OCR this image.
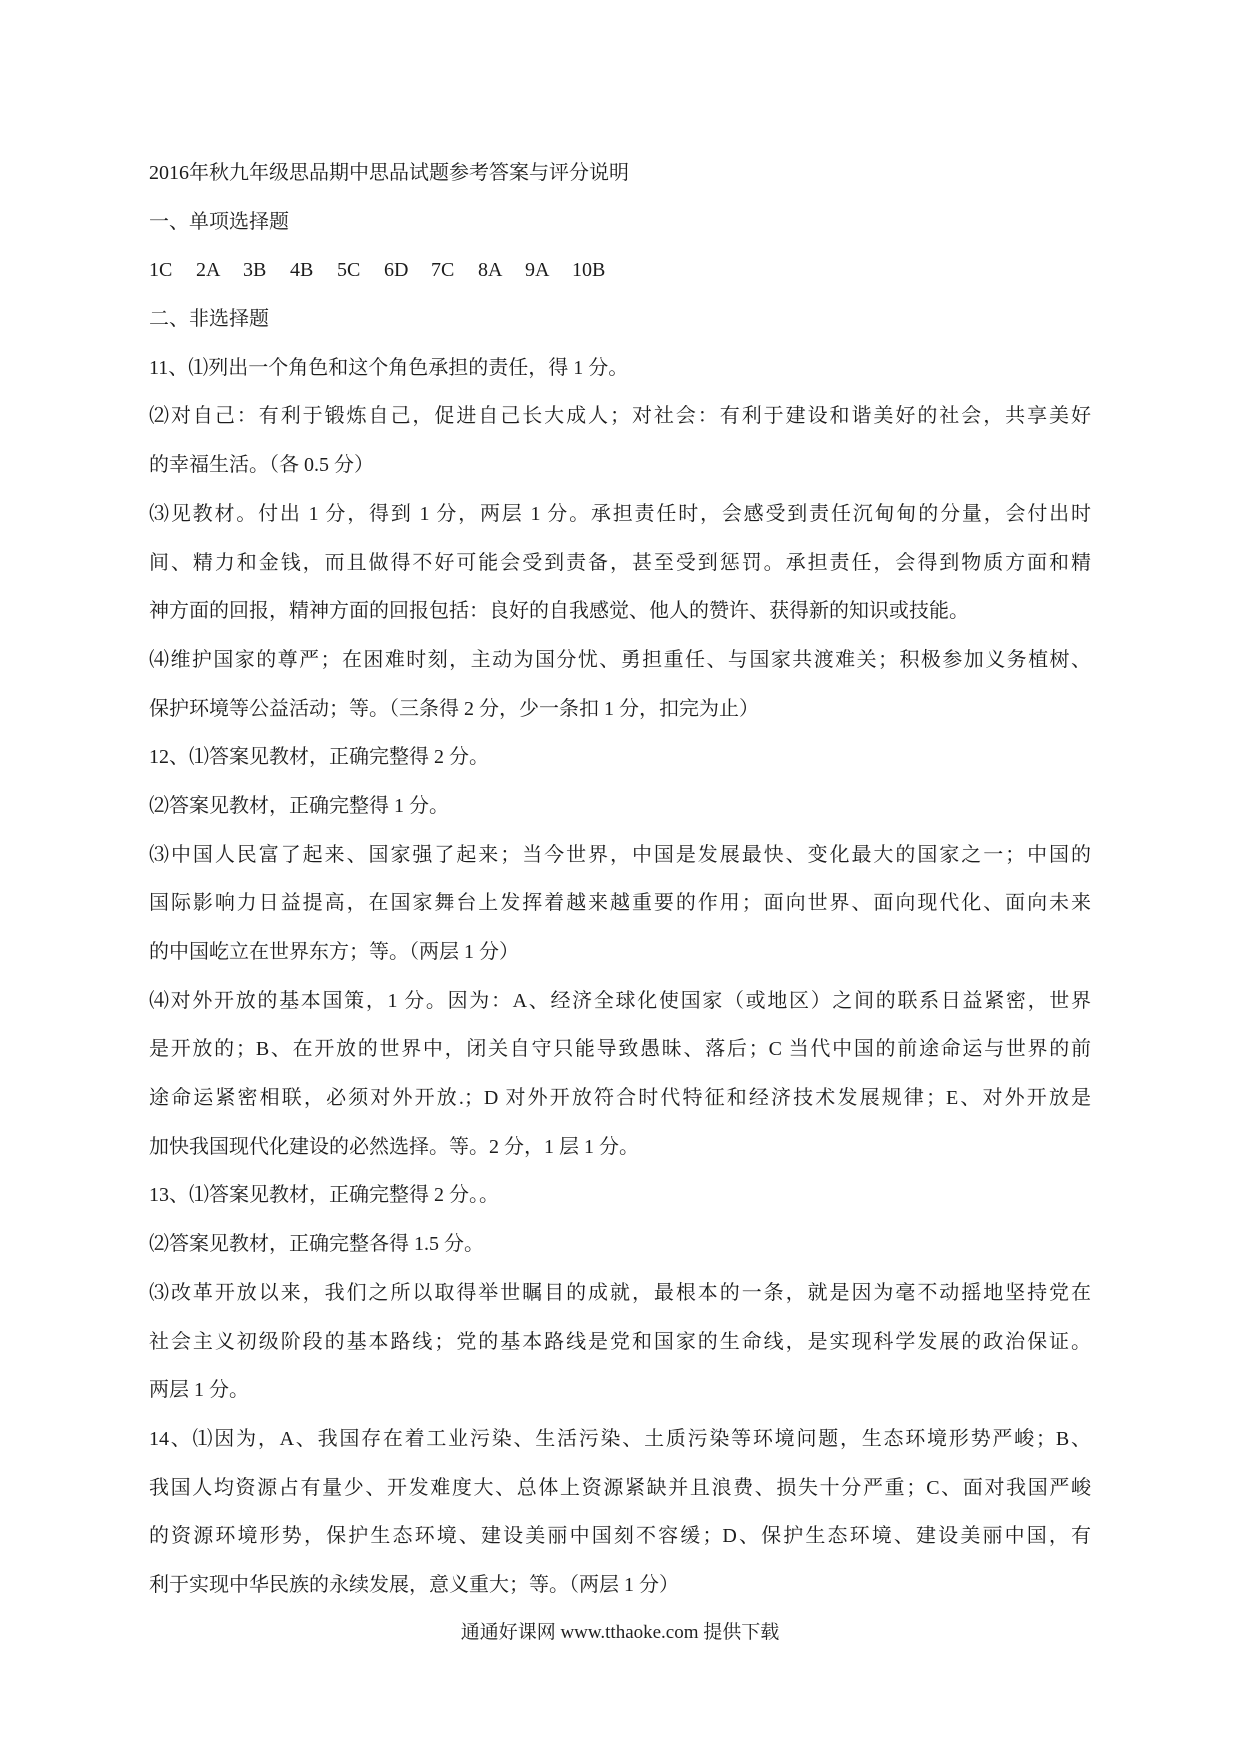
2016年秋九年级思品期中思品试题参考答案与评分说明
一、单项选择题
1C	2A	3B	4B	5C	6D	7C	8A	9A	10B
二、非选择题
11、⑴列出一个角色和这个角色承担的责任，得 1 分。
⑵对自己：有利于锻炼自己，促进自己长大成人；对社会：有利于建设和谐美好的社会，共享美好
的幸福生活。（各 0.5 分）
⑶见教材。付出 1 分，得到 1 分，两层 1 分。承担责任时，会感受到责任沉甸甸的分量，会付出时
间、精力和金钱，而且做得不好可能会受到责备，甚至受到惩罚。承担责任，会得到物质方面和精
神方面的回报，精神方面的回报包括：良好的自我感觉、他人的赞许、获得新的知识或技能。
⑷维护国家的尊严；在困难时刻，主动为国分忧、勇担重任、与国家共渡难关；积极参加义务植树、
保护环境等公益活动；等。（三条得 2 分，少一条扣 1 分，扣完为止）
12、⑴答案见教材，正确完整得 2 分。
⑵答案见教材，正确完整得 1 分。
⑶中国人民富了起来、国家强了起来；当今世界，中国是发展最快、变化最大的国家之一；中国的
国际影响力日益提高，在国家舞台上发挥着越来越重要的作用；面向世界、面向现代化、面向未来
的中国屹立在世界东方；等。（两层 1 分）
⑷对外开放的基本国策，1 分。因为：A、经济全球化使国家（或地区）之间的联系日益紧密，世界
是开放的；B、在开放的世界中，闭关自守只能导致愚昧、落后；C 当代中国的前途命运与世界的前
途命运紧密相联，必须对外开放.；D 对外开放符合时代特征和经济技术发展规律；E、对外开放是
加快我国现代化建设的必然选择。等。2 分，1 层 1 分。
13、⑴答案见教材，正确完整得 2 分。。
⑵答案见教材，正确完整各得 1.5 分。
⑶改革开放以来，我们之所以取得举世瞩目的成就，最根本的一条，就是因为毫不动摇地坚持党在
社会主义初级阶段的基本路线；党的基本路线是党和国家的生命线，是实现科学发展的政治保证。
两层 1 分。
14、⑴因为，A、我国存在着工业污染、生活污染、土质污染等环境问题，生态环境形势严峻；B、
我国人均资源占有量少、开发难度大、总体上资源紧缺并且浪费、损失十分严重；C、面对我国严峻
的资源环境形势，保护生态环境、建设美丽中国刻不容缓；D、保护生态环境、建设美丽中国，有
利于实现中华民族的永续发展，意义重大；等。（两层 1 分）
通通好课网 www.tthaoke.com 提供下载
